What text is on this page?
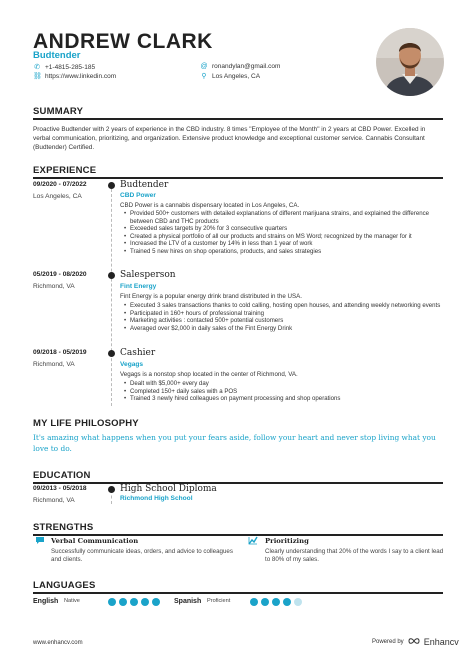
ANDREW CLARK
Budtender
✆ +1-4815-285-185
⛓ https://www.linkedin.com
@ ronandylan@gmail.com
⚲ Los Angeles, CA
SUMMARY
Proactive Budtender with 2 years of experience in the CBD industry. 8 times "Employee of the Month" in 2 years at CBD Power. Excelled in verbal communication, prioritizing, and organization. Extensive product knowledge and exceptional customer service. Cannabis Consultant (Budtender) Certified.
EXPERIENCE
09/2020 - 07/2022
Los Angeles, CA
Budtender
CBD Power
CBD Power is a cannabis dispensary located in Los Angeles, CA.
• Provided 500+ customers with detailed explanations of different marijuana strains, and explained the difference between CBD and THC products
• Exceeded sales targets by 20% for 3 consecutive quarters
• Created a physical portfolio of all our products and strains on MS Word; recognized by the manager for it
• Increased the LTV of a customer by 14% in less than 1 year of work
• Trained 5 new hires on shop operations, products, and sales strategies
05/2019 - 08/2020
Richmond, VA
Salesperson
Fint Energy
Fint Energy is a popular energy drink brand distributed in the USA.
• Executed 3 sales transactions thanks to cold calling, hosting open houses, and attending weekly networking events
• Participated in 160+ hours of professional training
• Marketing activities : contacted 500+ potential customers
• Averaged over $2,000 in daily sales of the Fint Energy Drink
09/2018 - 05/2019
Richmond, VA
Cashier
Vegags
Vegags is a nonstop shop located in the center of Richmond, VA.
• Dealt with $5,000+ every day
• Completed 150+ daily sales with a POS
• Trained 3 newly hired colleagues on payment processing and shop operations
MY LIFE PHILOSOPHY
It's amazing what happens when you put your fears aside, follow your heart and never stop living what you love to do.
EDUCATION
09/2013 - 05/2018
Richmond, VA
High School Diploma
Richmond High School
STRENGTHS
Verbal Communication
Successfully communicate ideas, orders, and advice to colleagues and clients.
Prioritizing
Clearly understanding that 20% of the words I say to a client lead to 80% of my sales.
LANGUAGES
English Native	Spanish Proficient
www.enhancv.com	Powered by Enhancv
